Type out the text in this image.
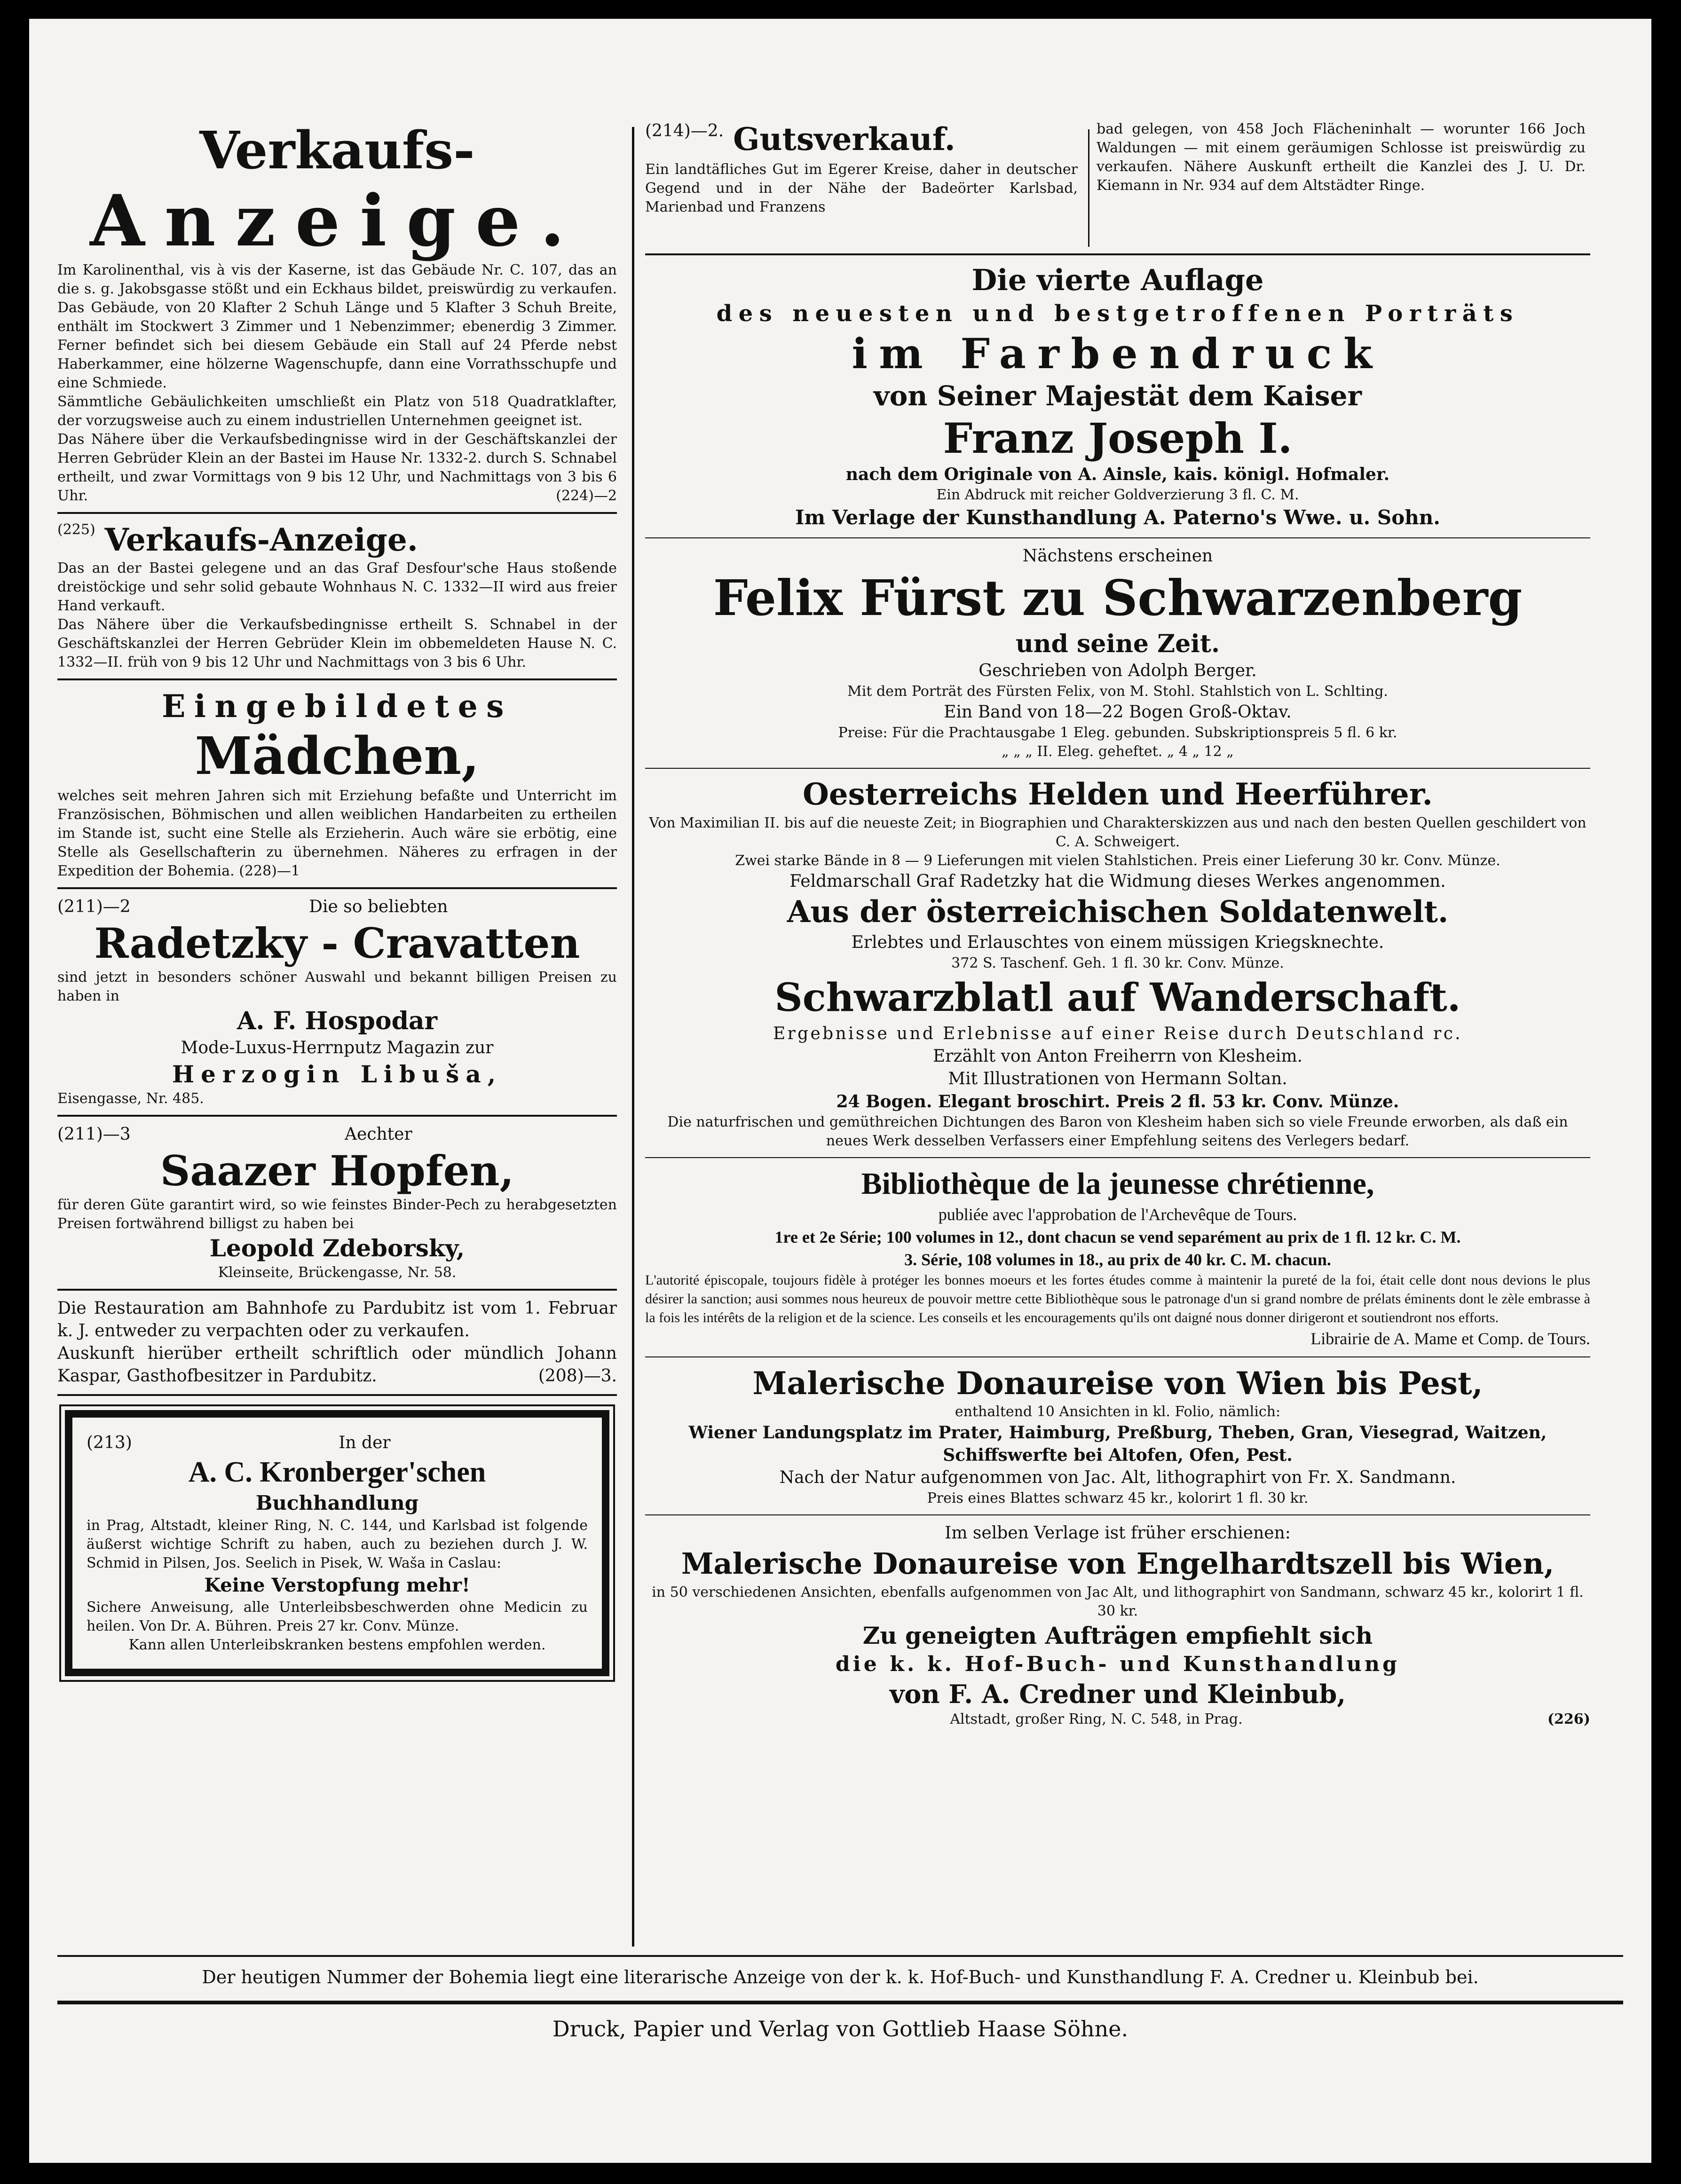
Verkaufs-
Anzeige.

Im Karolinenthal, vis à vis der Kaserne, ist das Gebäude Nr. C. 107, das an die s. g. Jakobsgasse stößt und ein Eckhaus bildet, preiswürdig zu verkaufen. Das Gebäude, von 20 Klafter 2 Schuh Länge und 5 Klafter 3 Schuh Breite, enthält im Stockwert 3 Zimmer und 1 Nebenzimmer; ebenerdig 3 Zimmer. Ferner befindet sich bei diesem Gebäude ein Stall auf 24 Pferde nebst Haberkammer, eine hölzerne Wagenschupfe, dann eine Vorrathsschupfe und eine Schmiede.

Sämmtliche Gebäulichkeiten umschließt ein Platz von 518 Quadratklafter, der vorzugsweise auch zu einem industriellen Unternehmen geeignet ist.

Das Nähere über die Verkaufsbedingnisse wird in der Geschäftskanzlei der Herren Gebrüder Klein an der Bastei im Hause Nr. 1332-2. durch S. Schnabel ertheilt, und zwar Vormittags von 9 bis 12 Uhr, und Nachmittags von 3 bis 6 Uhr.	(224)—2

(225) Verkaufs-Anzeige.

Das an der Bastei gelegene und an das Graf Desfour'sche Haus stoßende dreistöckige und sehr solid gebaute Wohnhaus N. C. 1332—II wird aus freier Hand verkauft.

Das Nähere über die Verkaufsbedingnisse ertheilt S. Schnabel in der Geschäftskanzlei der Herren Gebrüder Klein im obbemeldeten Hause N. C. 1332—II. früh von 9 bis 12 Uhr und Nachmittags von 3 bis 6 Uhr.

Eingebildetes
Mädchen,

welches seit mehren Jahren sich mit Erziehung befaßte und Unterricht im Französischen, Böhmischen und allen weiblichen Handarbeiten zu ertheilen im Stande ist, sucht eine Stelle als Erzieherin. Auch wäre sie erbötig, eine Stelle als Gesellschafterin zu übernehmen. Näheres zu erfragen in der Expedition der Bohemia. (228)—1

(211)—2	Die so beliebten
Radetzky - Cravatten

sind jetzt in besonders schöner Auswahl und bekannt billigen Preisen zu haben in

A. F. Hospodar
Mode-Luxus-Herrnputz Magazin zur
Herzogin Libuša,
Eisengasse, Nr. 485.
(211)—3	Aechter
Saazer Hopfen,

für deren Güte garantirt wird, so wie feinstes Binder-Pech zu herabgesetzten Preisen fortwährend billigst zu haben bei

Leopold Zdeborsky,
Kleinseite, Brückengasse, Nr. 58.

Die Restauration am Bahnhofe zu Pardubitz ist vom 1. Februar k. J. entweder zu verpachten oder zu verkaufen.

Auskunft hierüber ertheilt schriftlich oder mündlich Johann Kaspar, Gasthofbesitzer in Pardubitz.	(208)—3.

(213)	In der
A. C. Kronberger'schen
Buchhandlung

in Prag, Altstadt, kleiner Ring, N. C. 144, und Karlsbad ist folgende äußerst wichtige Schrift zu haben, auch zu beziehen durch J. W. Schmid in Pilsen, Jos. Seelich in Pisek, W. Waša in Caslau:

Keine Verstopfung mehr!

Sichere Anweisung, alle Unterleibsbeschwerden ohne Medicin zu heilen. Von Dr. A. Bühren. Preis 27 kr. Conv. Münze.

Kann allen Unterleibskranken bestens empfohlen werden.

(214)—2. Gutsverkauf.

Ein landtäfliches Gut im Egerer Kreise, daher in deutscher Gegend und in der Nähe der Badeörter Karlsbad, Marienbad und Franzens

bad gelegen, von 458 Joch Flächeninhalt — worunter 166 Joch Waldungen — mit einem geräumigen Schlosse ist preiswürdig zu verkaufen. Nähere Auskunft ertheilt die Kanzlei des J. U. Dr. Kiemann in Nr. 934 auf dem Altstädter Ringe.

Die vierte Auflage
des neuesten und bestgetroffenen Porträts
im Farbendruck
von Seiner Majestät dem Kaiser
Franz Joseph I.
nach dem Originale von A. Ainsle, kais. königl. Hofmaler.
Ein Abdruck mit reicher Goldverzierung 3 fl. C. M.
Im Verlage der Kunsthandlung A. Paterno's Wwe. u. Sohn.
Nächstens erscheinen
Felix Fürst zu Schwarzenberg
und seine Zeit.
Geschrieben von Adolph Berger.
Mit dem Porträt des Fürsten Felix, von M. Stohl. Stahlstich von L. Schlting.
Ein Band von 18—22 Bogen Groß-Oktav.
Preise: Für die Prachtausgabe 1 Eleg. gebunden. Subskriptionspreis 5 fl. 6 kr.
„ „ „ II. Eleg. geheftet. „ 4 „ 12 „
Oesterreichs Helden und Heerführer.

Von Maximilian II. bis auf die neueste Zeit; in Biographien und Charakterskizzen aus und nach den besten Quellen geschildert von C. A. Schweigert.

Zwei starke Bände in 8 — 9 Lieferungen mit vielen Stahlstichen. Preis einer Lieferung 30 kr. Conv. Münze.

Feldmarschall Graf Radetzky hat die Widmung dieses Werkes angenommen.

Aus der österreichischen Soldatenwelt.
Erlebtes und Erlauschtes von einem müssigen Kriegsknechte.
372 S. Taschenf. Geh. 1 fl. 30 kr. Conv. Münze.
Schwarzblatl auf Wanderschaft.
Ergebnisse und Erlebnisse auf einer Reise durch Deutschland rc.
Erzählt von Anton Freiherrn von Klesheim.
Mit Illustrationen von Hermann Soltan.
24 Bogen. Elegant broschirt. Preis 2 fl. 53 kr. Conv. Münze.

Die naturfrischen und gemüthreichen Dichtungen des Baron von Klesheim haben sich so viele Freunde erworben, als daß ein neues Werk desselben Verfassers einer Empfehlung seitens des Verlegers bedarf.

Bibliothèque de la jeunesse chrétienne,
publiée avec l'approbation de l'Archevêque de Tours.
1re et 2e Série; 100 volumes in 12., dont chacun se vend separément au prix de 1 fl. 12 kr. C. M.
3. Série, 108 volumes in 18., au prix de 40 kr. C. M. chacun.

L'autorité épiscopale, toujours fidèle à protéger les bonnes moeurs et les fortes études comme à maintenir la pureté de la foi, était celle dont nous devions le plus désirer la sanction; ausi sommes nous heureux de pouvoir mettre cette Bibliothèque sous le patronage d'un si grand nombre de prélats éminents dont le zèle embrasse à la fois les intérêts de la religion et de la science. Les conseils et les encouragements qu'ils ont daigné nous donner dirigeront et soutiendront nos efforts.

Librairie de A. Mame et Comp. de Tours.
Malerische Donaureise von Wien bis Pest,
enthaltend 10 Ansichten in kl. Folio, nämlich:

Wiener Landungsplatz im Prater, Haimburg, Preßburg, Theben, Gran, Viesegrad, Waitzen, Schiffswerfte bei Altofen, Ofen, Pest.

Nach der Natur aufgenommen von Jac. Alt, lithographirt von Fr. X. Sandmann.
Preis eines Blattes schwarz 45 kr., kolorirt 1 fl. 30 kr.
Im selben Verlage ist früher erschienen:
Malerische Donaureise von Engelhardtszell bis Wien,

in 50 verschiedenen Ansichten, ebenfalls aufgenommen von Jac Alt, und lithographirt von Sandmann, schwarz 45 kr., kolorirt 1 fl. 30 kr.

Zu geneigten Aufträgen empfiehlt sich
die k. k. Hof-Buch- und Kunsthandlung
von F. A. Credner und Kleinbub,
Altstadt, großer Ring, N. C. 548, in Prag.	(226)
Der heutigen Nummer der Bohemia liegt eine literarische Anzeige von der k. k. Hof-Buch- und Kunsthandlung F. A. Credner u. Kleinbub bei.
Druck, Papier und Verlag von Gottlieb Haase Söhne.
